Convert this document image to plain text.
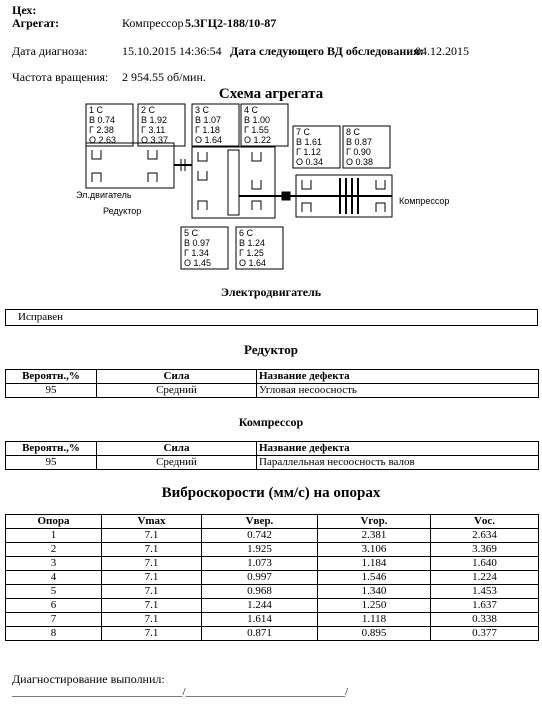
Цех:
Агрегат:	Компрессор 5.3ГЦ2-188/10-87
Дата диагноза:	15.10.2015 14:36:54 Дата следующего ВД обследования:
04.12.2015
Частота вращения: 2 954.55 об/мин.
Схема агрегата
1 С
В 0.74
Г 2.38
О 2.63
2 С
В 1.92
Г 3.11
О 3.37
3 С
В 1.07
Г 1.18
О 1.64
4 С
В 1.00
Г 1.55
О 1.22
5 С
В 0.97
Г 1.34
О 1.45
6 С
В 1.24
Г 1.25
О 1.64
7 С
В 1.61
Г 1.12
О 0.34
8 С
В 0.87
Г 0.90
О 0.38
Эл.двигатель
Редуктор
Компрессор
Электродвигатель
Исправен
Редуктор
Вероятн.,%	Сила	Название дефекта
95	Средний	Угловая несоосность
Компрессор
Вероятн.,%	Сила	Название дефекта
95	Средний	Параллельная несоосность валов
Виброскорости (мм/с) на опорах
Опора	Vmax	Vвер.	Vгор.	Vос.
1	7.1	0.742	2.381	2.634
2	7.1	1.925	3.106	3.369
3	7.1	1.073	1.184	1.640
4	7.1	0.997	1.546	1.224
5	7.1	0.968	1.340	1.453
6	7.1	1.244	1.250	1.637
7	7.1	1.614	1.118	0.338
8	7.1	0.871	0.895	0.377
Диагностирование выполнил:
_______________________________/_____________________________/
